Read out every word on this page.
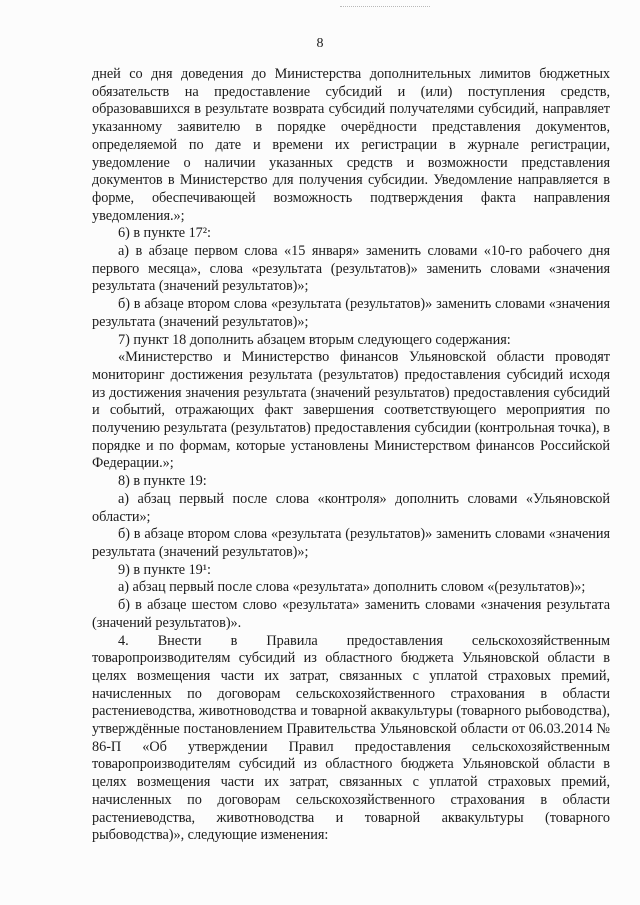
8

дней со дня доведения до Министерства дополнительных лимитов бюджетных обязательств на предоставление субсидий и (или) поступления средств, образовавшихся в результате возврата субсидий получателями субсидий, направляет указанному заявителю в порядке очерёдности представления документов, определяемой по дате и времени их регистрации в журнале регистрации, уведомление о наличии указанных средств и возможности представления документов в Министерство для получения субсидии. Уведомление направляется в форме, обеспечивающей возможность подтверждения факта направления уведомления.»;

6) в пункте 17²:

а) в абзаце первом слова «15 января» заменить словами «10-го рабочего дня первого месяца», слова «результата (результатов)» заменить словами «значения результата (значений результатов)»;

б) в абзаце втором слова «результата (результатов)» заменить словами «значения результата (значений результатов)»;

7) пункт 18 дополнить абзацем вторым следующего содержания:

«Министерство и Министерство финансов Ульяновской области проводят мониторинг достижения результата (результатов) предоставления субсидий исходя из достижения значения результата (значений результатов) предоставления субсидий и событий, отражающих факт завершения соответствующего мероприятия по получению результата (результатов) предоставления субсидии (контрольная точка), в порядке и по формам, которые установлены Министерством финансов Российской Федерации.»;

8) в пункте 19:

а) абзац первый после слова «контроля» дополнить словами «Ульяновской области»;

б) в абзаце втором слова «результата (результатов)» заменить словами «значения результата (значений результатов)»;

9) в пункте 19¹:

а) абзац первый после слова «результата» дополнить словом «(результатов)»;

б) в абзаце шестом слово «результата» заменить словами «значения результата (значений результатов)».

4. Внести в Правила предоставления сельскохозяйственным товаропроизводителям субсидий из областного бюджета Ульяновской области в целях возмещения части их затрат, связанных с уплатой страховых премий, начисленных по договорам сельскохозяйственного страхования в области растениеводства, животноводства и товарной аквакультуры (товарного рыбоводства), утверждённые постановлением Правительства Ульяновской области от 06.03.2014 № 86-П «Об утверждении Правил предоставления сельскохозяйственным товаропроизводителям субсидий из областного бюджета Ульяновской области в целях возмещения части их затрат, связанных с уплатой страховых премий, начисленных по договорам сельскохозяйственного страхования в области растениеводства, животноводства и товарной аквакультуры (товарного рыбоводства)», следующие изменения:
